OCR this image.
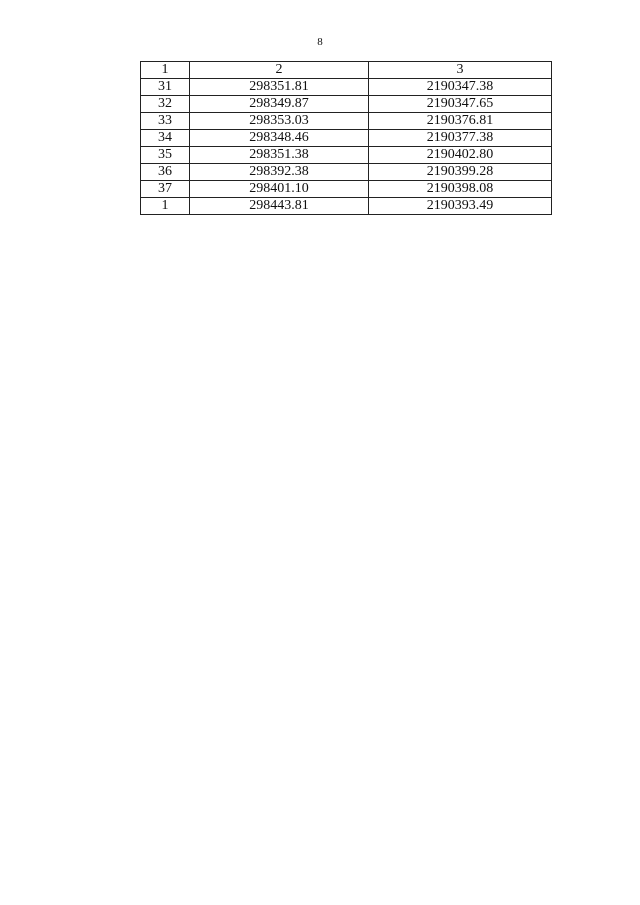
8
1	2	3
31	298351.81	2190347.38
32	298349.87	2190347.65
33	298353.03	2190376.81
34	298348.46	2190377.38
35	298351.38	2190402.80
36	298392.38	2190399.28
37	298401.10	2190398.08
1	298443.81	2190393.49
